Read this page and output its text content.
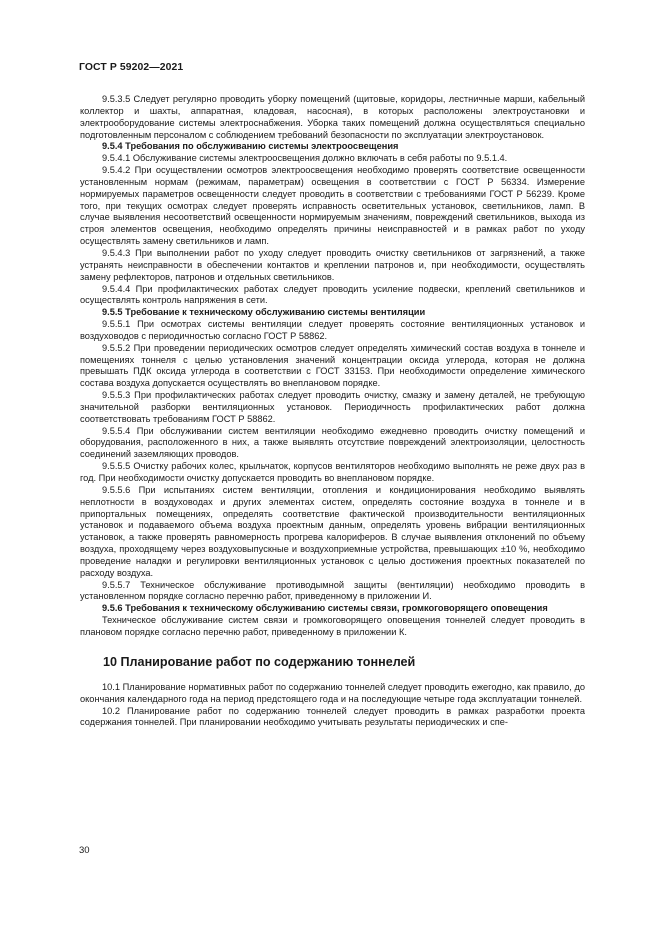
ГОСТ Р 59202—2021

9.5.3.5 Следует регулярно проводить уборку помещений (щитовые, коридоры, лестничные марши, кабельный коллектор и шахты, аппаратная, кладовая, насосная), в которых расположены электроустановки и электрооборудование системы электроснабжения. Уборка таких помещений должна осуществляться специально подготовленным персоналом с соблюдением требований безопасности по эксплуатации электроустановок.

9.5.4 Требования по обслуживанию системы электроосвещения

9.5.4.1 Обслуживание системы электроосвещения должно включать в себя работы по 9.5.1.4.

9.5.4.2 При осуществлении осмотров электроосвещения необходимо проверять соответствие освещенности установленным нормам (режимам, параметрам) освещения в соответствии с ГОСТ Р 56334. Измерение нормируемых параметров освещенности следует проводить в соответствии с требованиями ГОСТ Р 56239. Кроме того, при текущих осмотрах следует проверять исправность осветительных установок, светильников, ламп. В случае выявления несоответствий освещенности нормируемым значениям, повреждений светильников, выхода из строя элементов освещения, необходимо определять причины неисправностей и в рамках работ по уходу осуществлять замену светильников и ламп.

9.5.4.3 При выполнении работ по уходу следует проводить очистку светильников от загрязнений, а также устранять неисправности в обеспечении контактов и креплении патронов и, при необходимости, осуществлять замену рефлекторов, патронов и отдельных светильников.

9.5.4.4 При профилактических работах следует проводить усиление подвески, креплений светильников и осуществлять контроль напряжения в сети.

9.5.5 Требование к техническому обслуживанию системы вентиляции

9.5.5.1 При осмотрах системы вентиляции следует проверять состояние вентиляционных установок и воздуховодов с периодичностью согласно ГОСТ Р 58862.

9.5.5.2 При проведении периодических осмотров следует определять химический состав воздуха в тоннеле и помещениях тоннеля с целью установления значений концентрации оксида углерода, которая не должна превышать ПДК оксида углерода в соответствии с ГОСТ 33153. При необходимости определение химического состава воздуха допускается осуществлять во внеплановом порядке.

9.5.5.3 При профилактических работах следует проводить очистку, смазку и замену деталей, не требующую значительной разборки вентиляционных установок. Периодичность профилактических работ должна соответствовать требованиям ГОСТ Р 58862.

9.5.5.4 При обслуживании систем вентиляции необходимо ежедневно проводить очистку помещений и оборудования, расположенного в них, а также выявлять отсутствие повреждений электроизоляции, целостность соединений заземляющих проводов.

9.5.5.5 Очистку рабочих колес, крыльчаток, корпусов вентиляторов необходимо выполнять не реже двух раз в год. При необходимости очистку допускается проводить во внеплановом порядке.

9.5.5.6 При испытаниях систем вентиляции, отопления и кондиционирования необходимо выявлять неплотности в воздуховодах и других элементах систем, определять состояние воздуха в тоннеле и в припортальных помещениях, определять соответствие фактической производительности вентиляционных установок и подаваемого объема воздуха проектным данным, определять уровень вибрации вентиляционных установок, а также проверять равномерность прогрева калориферов. В случае выявления отклонений по объему воздуха, проходящему через воздуховыпускные и воздухоприемные устройства, превышающих ±10 %, необходимо проведение наладки и регулировки вентиляционных установок с целью достижения проектных показателей по расходу воздуха.

9.5.5.7 Техническое обслуживание противодымной защиты (вентиляции) необходимо проводить в установленном порядке согласно перечню работ, приведенному в приложении И.

9.5.6 Требования к техническому обслуживанию системы связи, громкоговорящего оповещения

Техническое обслуживание систем связи и громкоговорящего оповещения тоннелей следует проводить в плановом порядке согласно перечню работ, приведенному в приложении К.

10 Планирование работ по содержанию тоннелей

10.1 Планирование нормативных работ по содержанию тоннелей следует проводить ежегодно, как правило, до окончания календарного года на период предстоящего года и на последующие четыре года эксплуатации тоннелей.

10.2 Планирование работ по содержанию тоннелей следует проводить в рамках разработки проекта содержания тоннелей. При планировании необходимо учитывать результаты периодических и спе-

30
